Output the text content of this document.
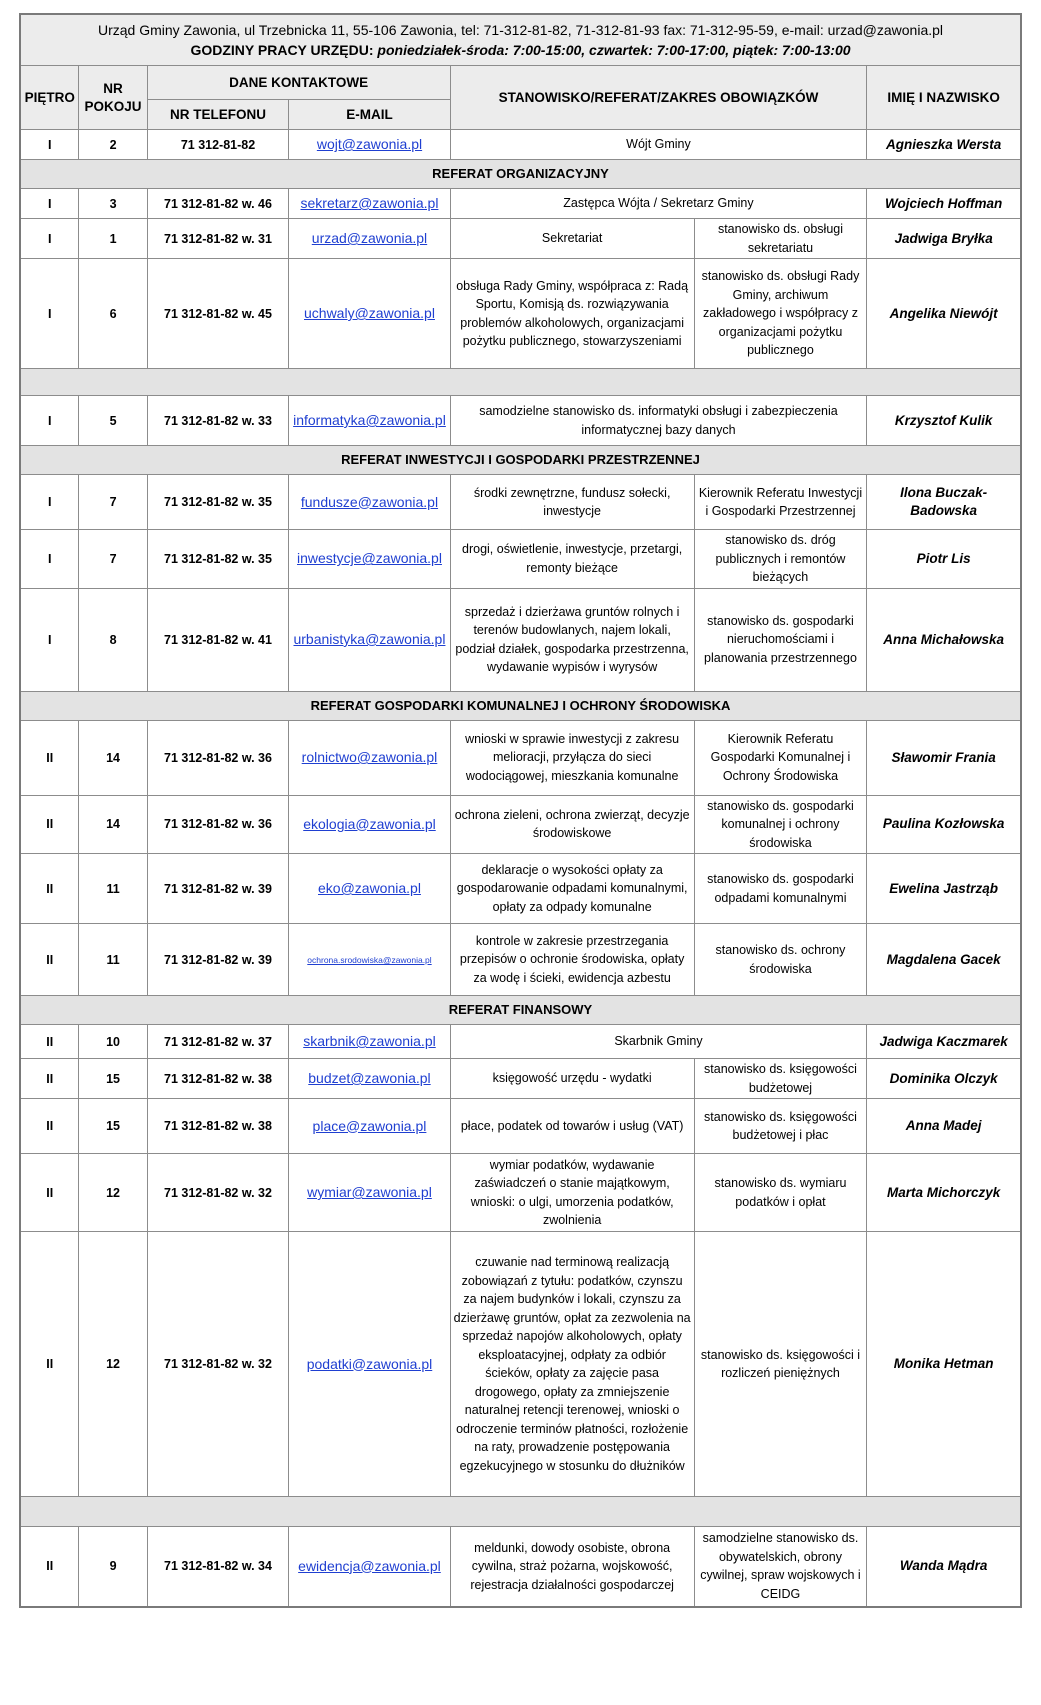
Urząd Gminy Zawonia, ul Trzebnicka 11, 55-106 Zawonia, tel: 71-312-81-82, 71-312-81-93 fax: 71-312-95-59, e-mail: urzad@zawonia.pl
GODZINY PRACY URZĘDU: poniedziałek-środa: 7:00-15:00, czwartek: 7:00-17:00, piątek: 7:00-13:00						

PIĘTRO	NR POKOJU	DANE KONTAKTOWE		STANOWISKO/REFERAT/ZAKRES OBOWIĄZKÓW		IMIĘ I NAZWISKO
		NR TELEFONU	E-MAIL			
I	2	71 312-81-82	wojt@zawonia.pl	Wójt Gminy		Agnieszka Wersta
REFERAT ORGANIZACYJNY						
I	3	71 312-81-82 w. 46	sekretarz@zawonia.pl	Zastępca Wójta / Sekretarz Gminy		Wojciech Hoffman
I	1	71 312-81-82 w. 31	urzad@zawonia.pl	Sekretariat	stanowisko ds. obsługi sekretariatu	Jadwiga Bryłka
I	6	71 312-81-82 w. 45	uchwaly@zawonia.pl	obsługa Rady Gminy, współpraca z: Radą Sportu, Komisją ds. rozwiązywania problemów alkoholowych, organizacjami pożytku publicznego, stowarzyszeniami	stanowisko ds. obsługi Rady Gminy, archiwum zakładowego i współpracy z organizacjami pożytku publicznego	Angelika Niewójt

I	5	71 312-81-82 w. 33	informatyka@zawonia.pl	samodzielne stanowisko ds. informatyki obsługi i zabezpieczenia informatycznej bazy danych		Krzysztof Kulik
REFERAT INWESTYCJI I GOSPODARKI PRZESTRZENNEJ						
I	7	71 312-81-82 w. 35	fundusze@zawonia.pl	środki zewnętrzne, fundusz sołecki, inwestycje	Kierownik Referatu Inwestycji i Gospodarki Przestrzennej	Ilona Buczak-Badowska
I	7	71 312-81-82 w. 35	inwestycje@zawonia.pl	drogi, oświetlenie, inwestycje, przetargi, remonty bieżące	stanowisko ds. dróg publicznych i remontów bieżących	Piotr Lis
I	8	71 312-81-82 w. 41	urbanistyka@zawonia.pl	sprzedaż i dzierżawa gruntów rolnych i terenów budowlanych, najem lokali, podział działek, gospodarka przestrzenna, wydawanie wypisów i wyrysów	stanowisko ds. gospodarki nieruchomościami i planowania przestrzennego	Anna Michałowska
REFERAT GOSPODARKI KOMUNALNEJ I OCHRONY ŚRODOWISKA						
II	14	71 312-81-82 w. 36	rolnictwo@zawonia.pl	wnioski w sprawie inwestycji z zakresu melioracji, przyłącza do sieci wodociągowej, mieszkania komunalne	Kierownik Referatu Gospodarki Komunalnej i Ochrony Środowiska	Sławomir Frania
II	14	71 312-81-82 w. 36	ekologia@zawonia.pl	ochrona zieleni, ochrona zwierząt, decyzje środowiskowe	stanowisko ds. gospodarki komunalnej i ochrony środowiska	Paulina Kozłowska
II	11	71 312-81-82 w. 39	eko@zawonia.pl	deklaracje o wysokości opłaty za gospodarowanie odpadami komunalnymi, opłaty za odpady komunalne	stanowisko ds. gospodarki odpadami komunalnymi	Ewelina Jastrząb
II	11	71 312-81-82 w. 39	ochrona.srodowiska@zawonia.pl	kontrole w zakresie przestrzegania przepisów o ochronie środowiska, opłaty za wodę i ścieki, ewidencja azbestu	stanowisko ds. ochrony środowiska	Magdalena Gacek
REFERAT FINANSOWY						
II	10	71 312-81-82 w. 37	skarbnik@zawonia.pl	Skarbnik Gminy		Jadwiga Kaczmarek
II	15	71 312-81-82 w. 38	budzet@zawonia.pl	księgowość urzędu - wydatki	stanowisko ds. księgowości budżetowej	Dominika Olczyk
II	15	71 312-81-82 w. 38	place@zawonia.pl	płace, podatek od towarów i usług (VAT)	stanowisko ds. księgowości budżetowej i płac	Anna Madej
II	12	71 312-81-82 w. 32	wymiar@zawonia.pl	wymiar podatków, wydawanie zaświadczeń o stanie majątkowym, wnioski: o ulgi, umorzenia podatków, zwolnienia	stanowisko ds. wymiaru podatków i opłat	Marta Michorczyk
II	12	71 312-81-82 w. 32	podatki@zawonia.pl	czuwanie nad terminową realizacją zobowiązań z tytułu: podatków, czynszu za najem budynków i lokali, czynszu za dzierżawę gruntów, opłat za zezwolenia na sprzedaż napojów alkoholowych, opłaty eksploatacyjnej, odpłaty za odbiór ścieków, opłaty za zajęcie pasa drogowego, opłaty za zmniejszenie naturalnej retencji terenowej, wnioski o odroczenie terminów płatności, rozłożenie na raty, prowadzenie postępowania egzekucyjnego w stosunku do dłużników	stanowisko ds. księgowości i rozliczeń pieniężnych	Monika Hetman

II	9	71 312-81-82 w. 34	ewidencja@zawonia.pl	meldunki, dowody osobiste, obrona cywilna, straż pożarna, wojskowość, rejestracja działalności gospodarczej	samodzielne stanowisko ds. obywatelskich, obrony cywilnej, spraw wojskowych i CEIDG	Wanda Mądra
